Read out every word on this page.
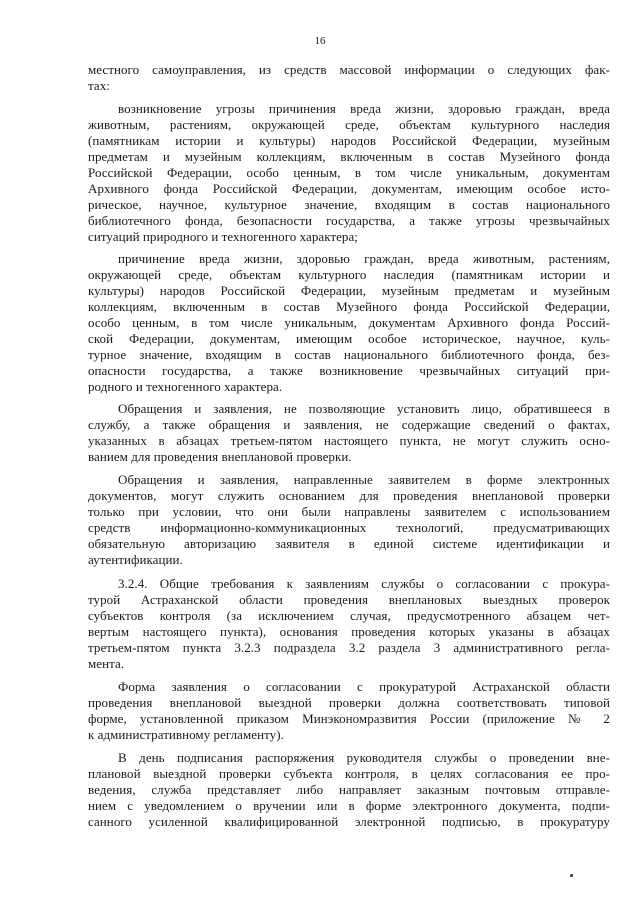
16
местного самоуправления, из средств массовой информации о следующих фак-
тах:
возникновение угрозы причинения вреда жизни, здоровью граждан, вреда
животным, растениям, окружающей среде, объектам культурного наследия
(памятникам истории и культуры) народов Российской Федерации, музейным
предметам и музейным коллекциям, включенным в состав Музейного фонда
Российской Федерации, особо ценным, в том числе уникальным, документам
Архивного фонда Российской Федерации, документам, имеющим особое исто-
рическое, научное, культурное значение, входящим в состав национального
библиотечного фонда, безопасности государства, а также угрозы чрезвычайных
ситуаций природного и техногенного характера;
причинение вреда жизни, здоровью граждан, вреда животным, растениям,
окружающей среде, объектам культурного наследия (памятникам истории и
культуры) народов Российской Федерации, музейным предметам и музейным
коллекциям, включенным в состав Музейного фонда Российской Федерации,
особо ценным, в том числе уникальным, документам Архивного фонда Россий-
ской Федерации, документам, имеющим особое историческое, научное, куль-
турное значение, входящим в состав национального библиотечного фонда, без-
опасности государства, а также возникновение чрезвычайных ситуаций при-
родного и техногенного характера.
Обращения и заявления, не позволяющие установить лицо, обратившееся в
службу, а также обращения и заявления, не содержащие сведений о фактах,
указанных в абзацах третьем-пятом настоящего пункта, не могут служить осно-
ванием для проведения внеплановой проверки.
Обращения и заявления, направленные заявителем в форме электронных
документов, могут служить основанием для проведения внеплановой проверки
только при условии, что они были направлены заявителем с использованием
средств информационно-коммуникационных технологий, предусматривающих
обязательную авторизацию заявителя в единой системе идентификации и
аутентификации.
3.2.4. Общие требования к заявлениям службы о согласовании с прокура-
турой Астраханской области проведения внеплановых выездных проверок
субъектов контроля (за исключением случая, предусмотренного абзацем чет-
вертым настоящего пункта), основания проведения которых указаны в абзацах
третьем-пятом пункта 3.2.3 подраздела 3.2 раздела 3 административного регла-
мента.
Форма заявления о согласовании с прокуратурой Астраханской области
проведения внеплановой выездной проверки должна соответствовать типовой
форме, установленной приказом Минэкономразвития России (приложение № 2
к административному регламенту).
В день подписания распоряжения руководителя службы о проведении вне-
плановой выездной проверки субъекта контроля, в целях согласования ее про-
ведения, служба представляет либо направляет заказным почтовым отправле-
нием с уведомлением о вручении или в форме электронного документа, подпи-
санного усиленной квалифицированной электронной подписью, в прокуратуру
